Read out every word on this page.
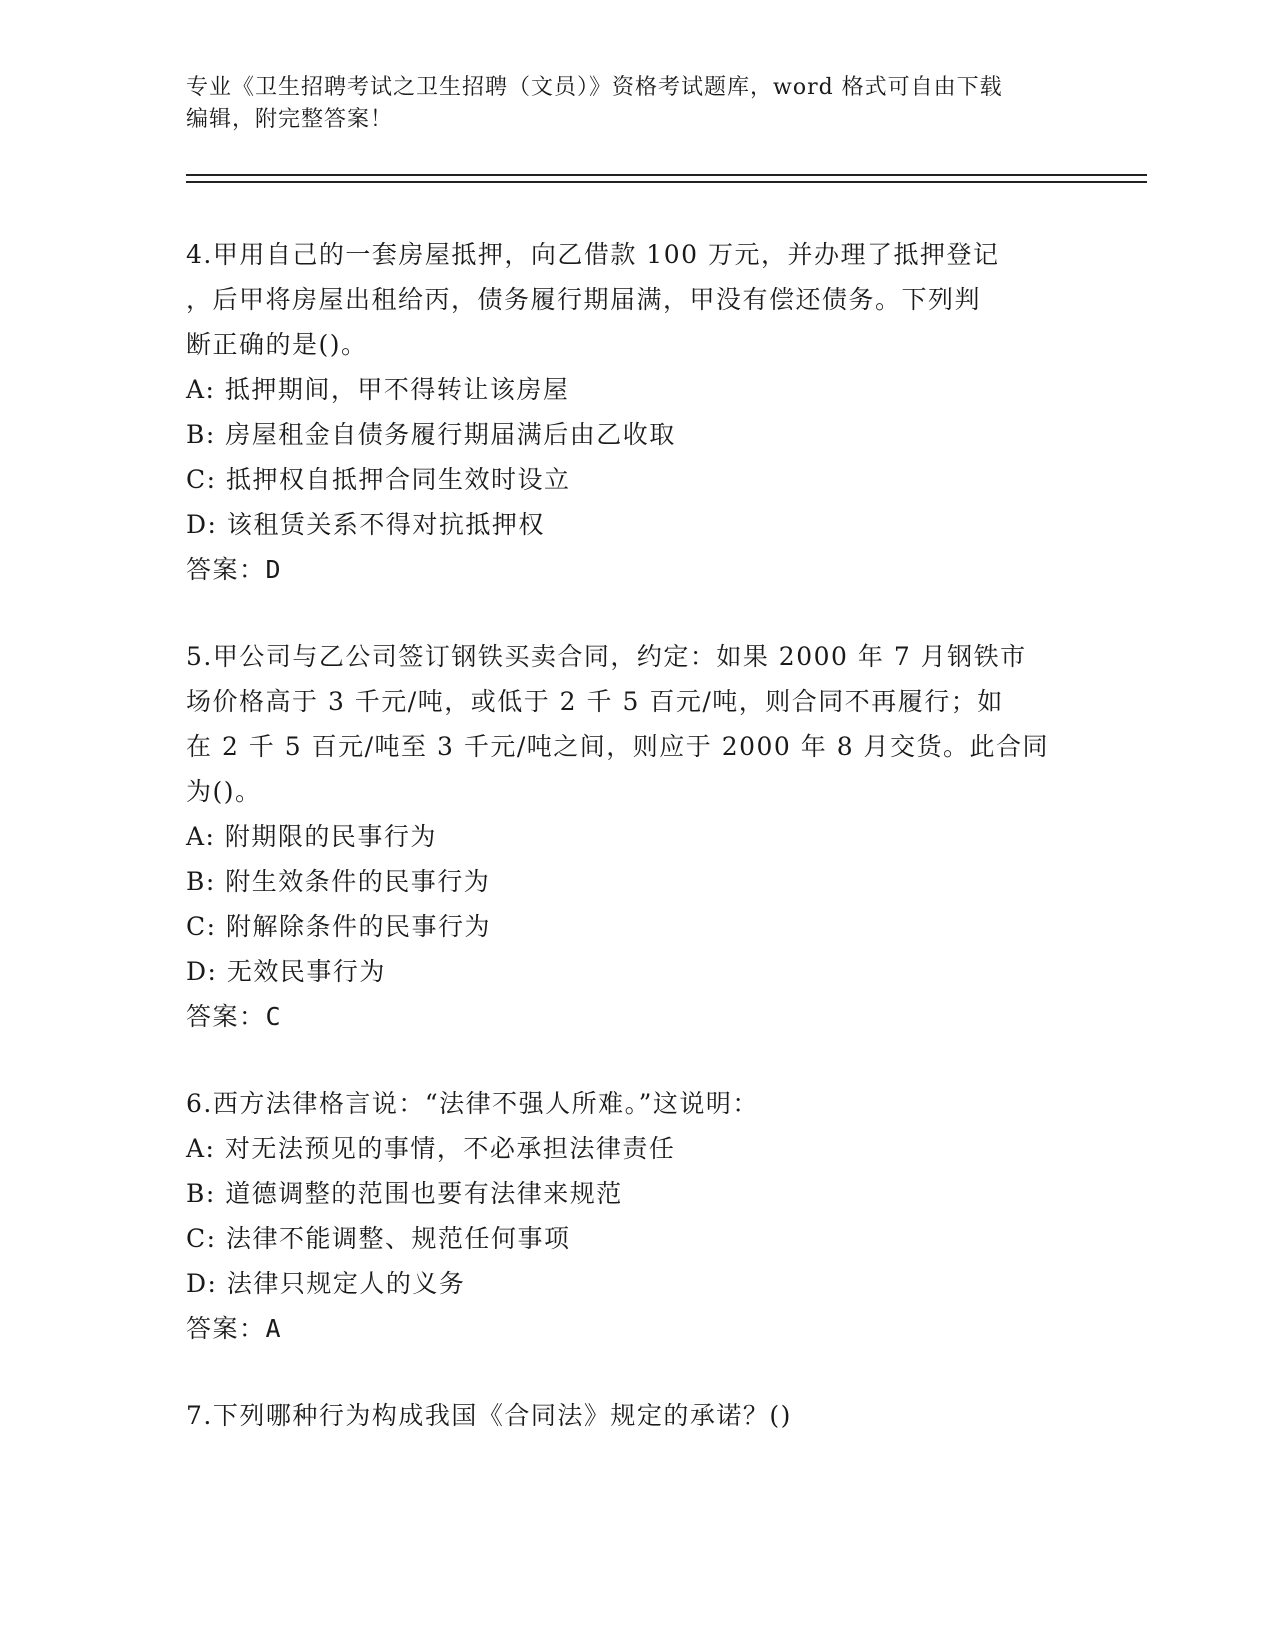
专业《卫生招聘考试之卫生招聘（文员）》资格考试题库，word 格式可自由下载
编辑，附完整答案！
4.甲用自己的一套房屋抵押，向乙借款 100 万元，并办理了抵押登记
，后甲将房屋出租给丙，债务履行期届满，甲没有偿还债务。下列判
断正确的是()。
A: 抵押期间，甲不得转让该房屋
B: 房屋租金自债务履行期届满后由乙收取
C: 抵押权自抵押合同生效时设立
D: 该租赁关系不得对抗抵押权
答案：D
5.甲公司与乙公司签订钢铁买卖合同，约定：如果 2000 年 7 月钢铁市
场价格高于 3 千元/吨，或低于 2 千 5 百元/吨，则合同不再履行；如
在 2 千 5 百元/吨至 3 千元/吨之间，则应于 2000 年 8 月交货。此合同
为()。
A: 附期限的民事行为
B: 附生效条件的民事行为
C: 附解除条件的民事行为
D: 无效民事行为
答案：C
6.西方法律格言说：“法律不强人所难。”这说明：
A: 对无法预见的事情，不必承担法律责任
B: 道德调整的范围也要有法律来规范
C: 法律不能调整、规范任何事项
D: 法律只规定人的义务
答案：A
7.下列哪种行为构成我国《合同法》规定的承诺？()
